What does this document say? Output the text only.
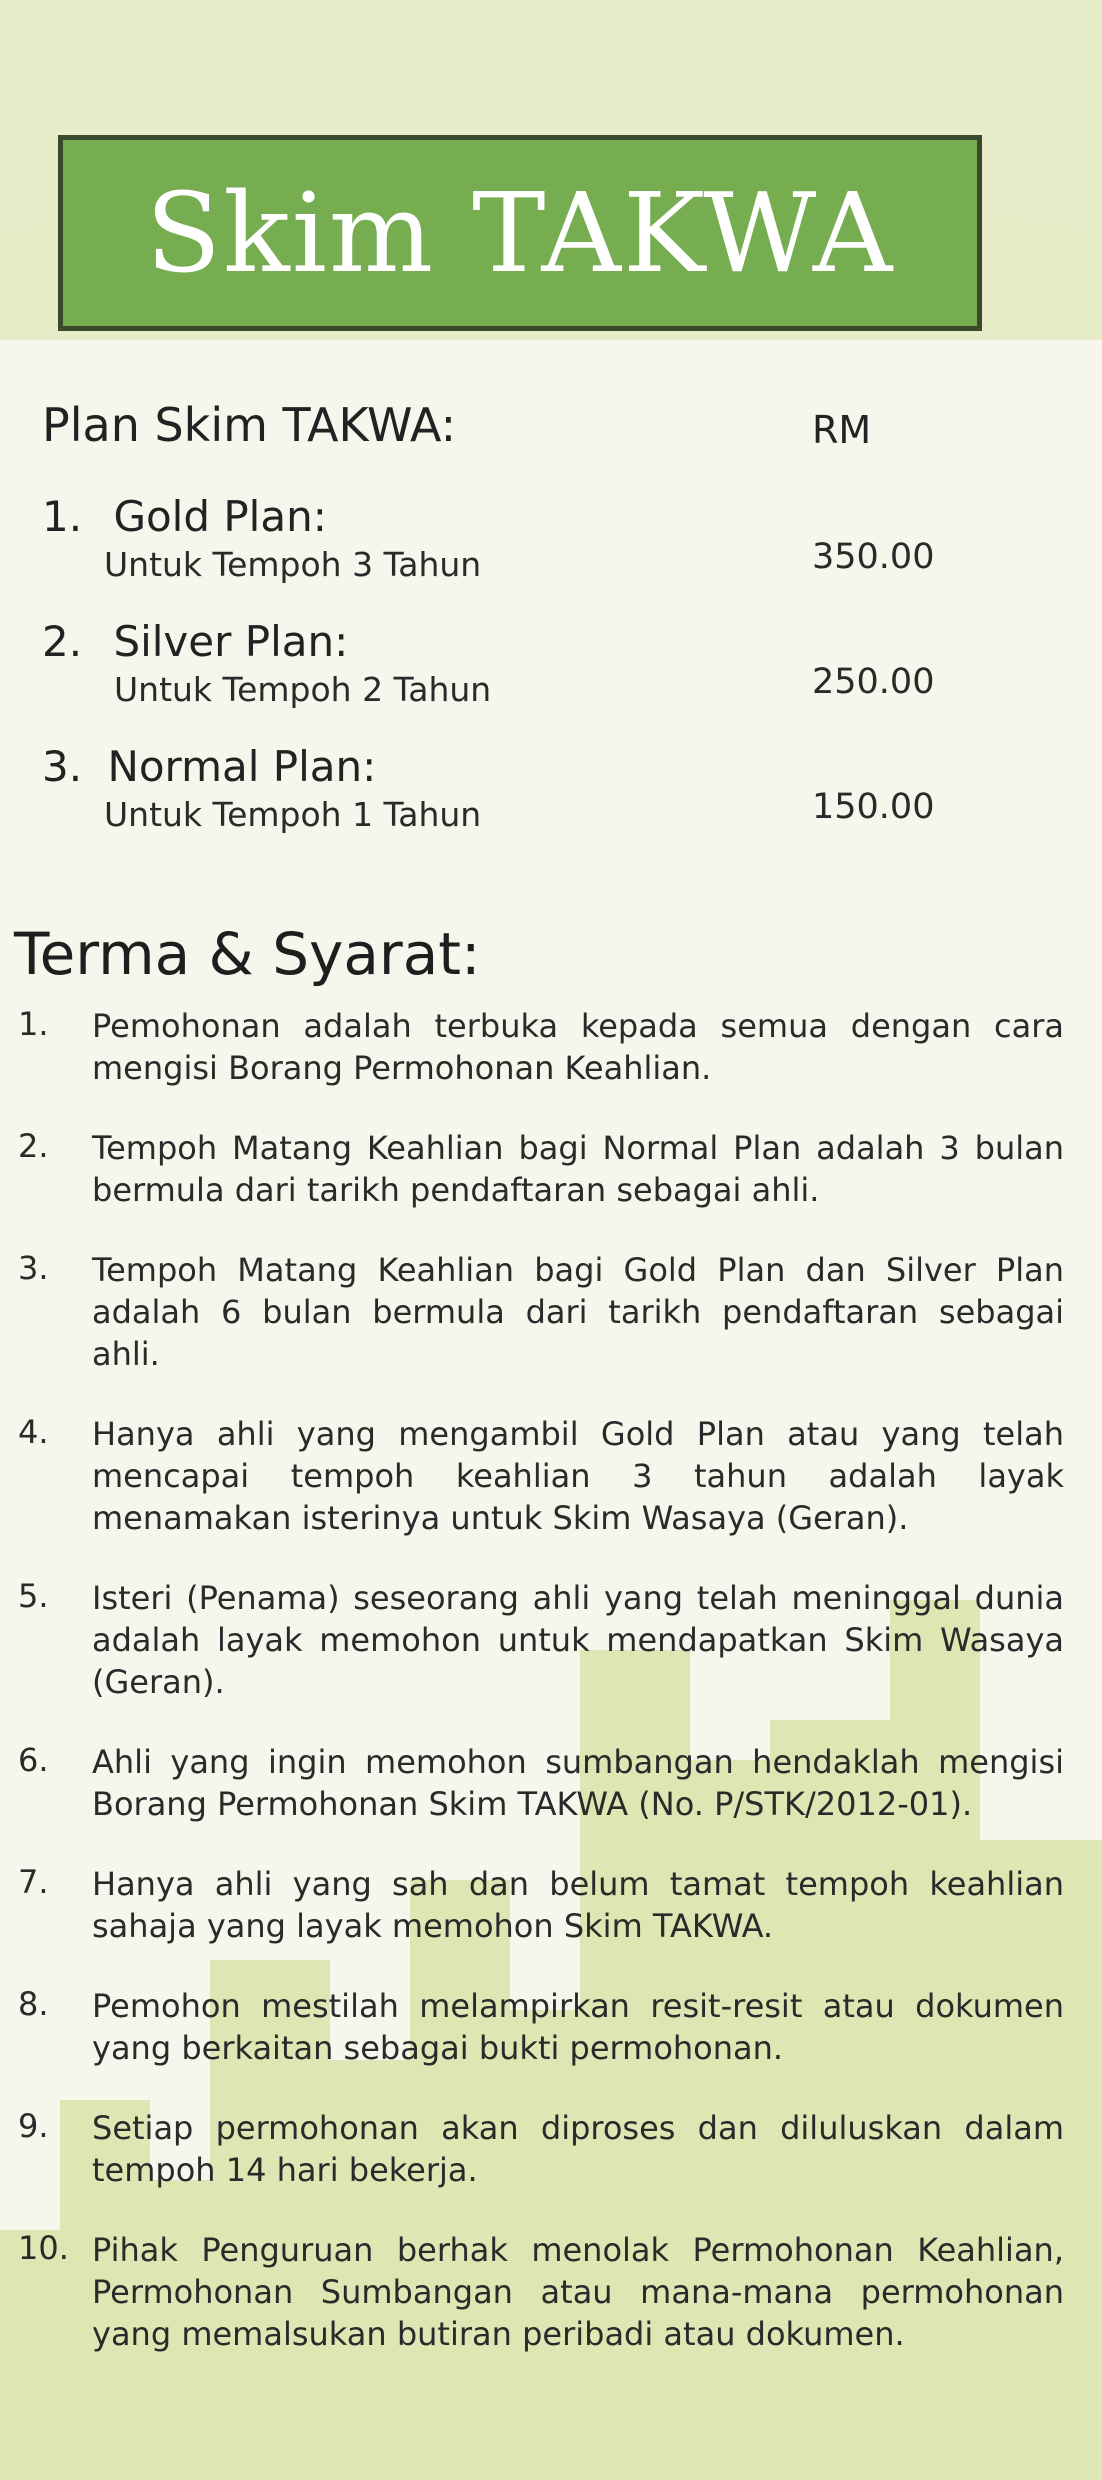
Skim TAKWA
Plan Skim TAKWA:	RM
1. Gold Plan:
Untuk Tempoh 3 Tahun	350.00
2. Silver Plan:
Untuk Tempoh 2 Tahun	250.00
3. Normal Plan:
Untuk Tempoh 1 Tahun	150.00
Terma & Syarat:
1.	Pemohonan adalah terbuka kepada semua dengan cara mengisi Borang Permohonan Keahlian.
2.	Tempoh Matang Keahlian bagi Normal Plan adalah 3 bulan bermula dari tarikh pendaftaran sebagai ahli.
3.	Tempoh Matang Keahlian bagi Gold Plan dan Silver Plan adalah 6 bulan bermula dari tarikh pendaftaran sebagai ahli.
4.	Hanya ahli yang mengambil Gold Plan atau yang telah mencapai tempoh keahlian 3 tahun adalah layak menamakan isterinya untuk Skim Wasaya (Geran).
5.	Isteri (Penama) seseorang ahli yang telah meninggal dunia adalah layak memohon untuk mendapatkan Skim Wasaya (Geran).
6.	Ahli yang ingin memohon sumbangan hendaklah mengisi Borang Permohonan Skim TAKWA (No. P/STK/2012-01).
7.	Hanya ahli yang sah dan belum tamat tempoh keahlian sahaja yang layak memohon Skim TAKWA.
8.	Pemohon mestilah melampirkan resit-resit atau dokumen yang berkaitan sebagai bukti permohonan.
9.	Setiap permohonan akan diproses dan diluluskan dalam tempoh 14 hari bekerja.
10. Pihak Penguruan berhak menolak Permohonan Keahlian, Permohonan Sumbangan atau mana-mana permohonan yang memalsukan butiran peribadi atau dokumen.
